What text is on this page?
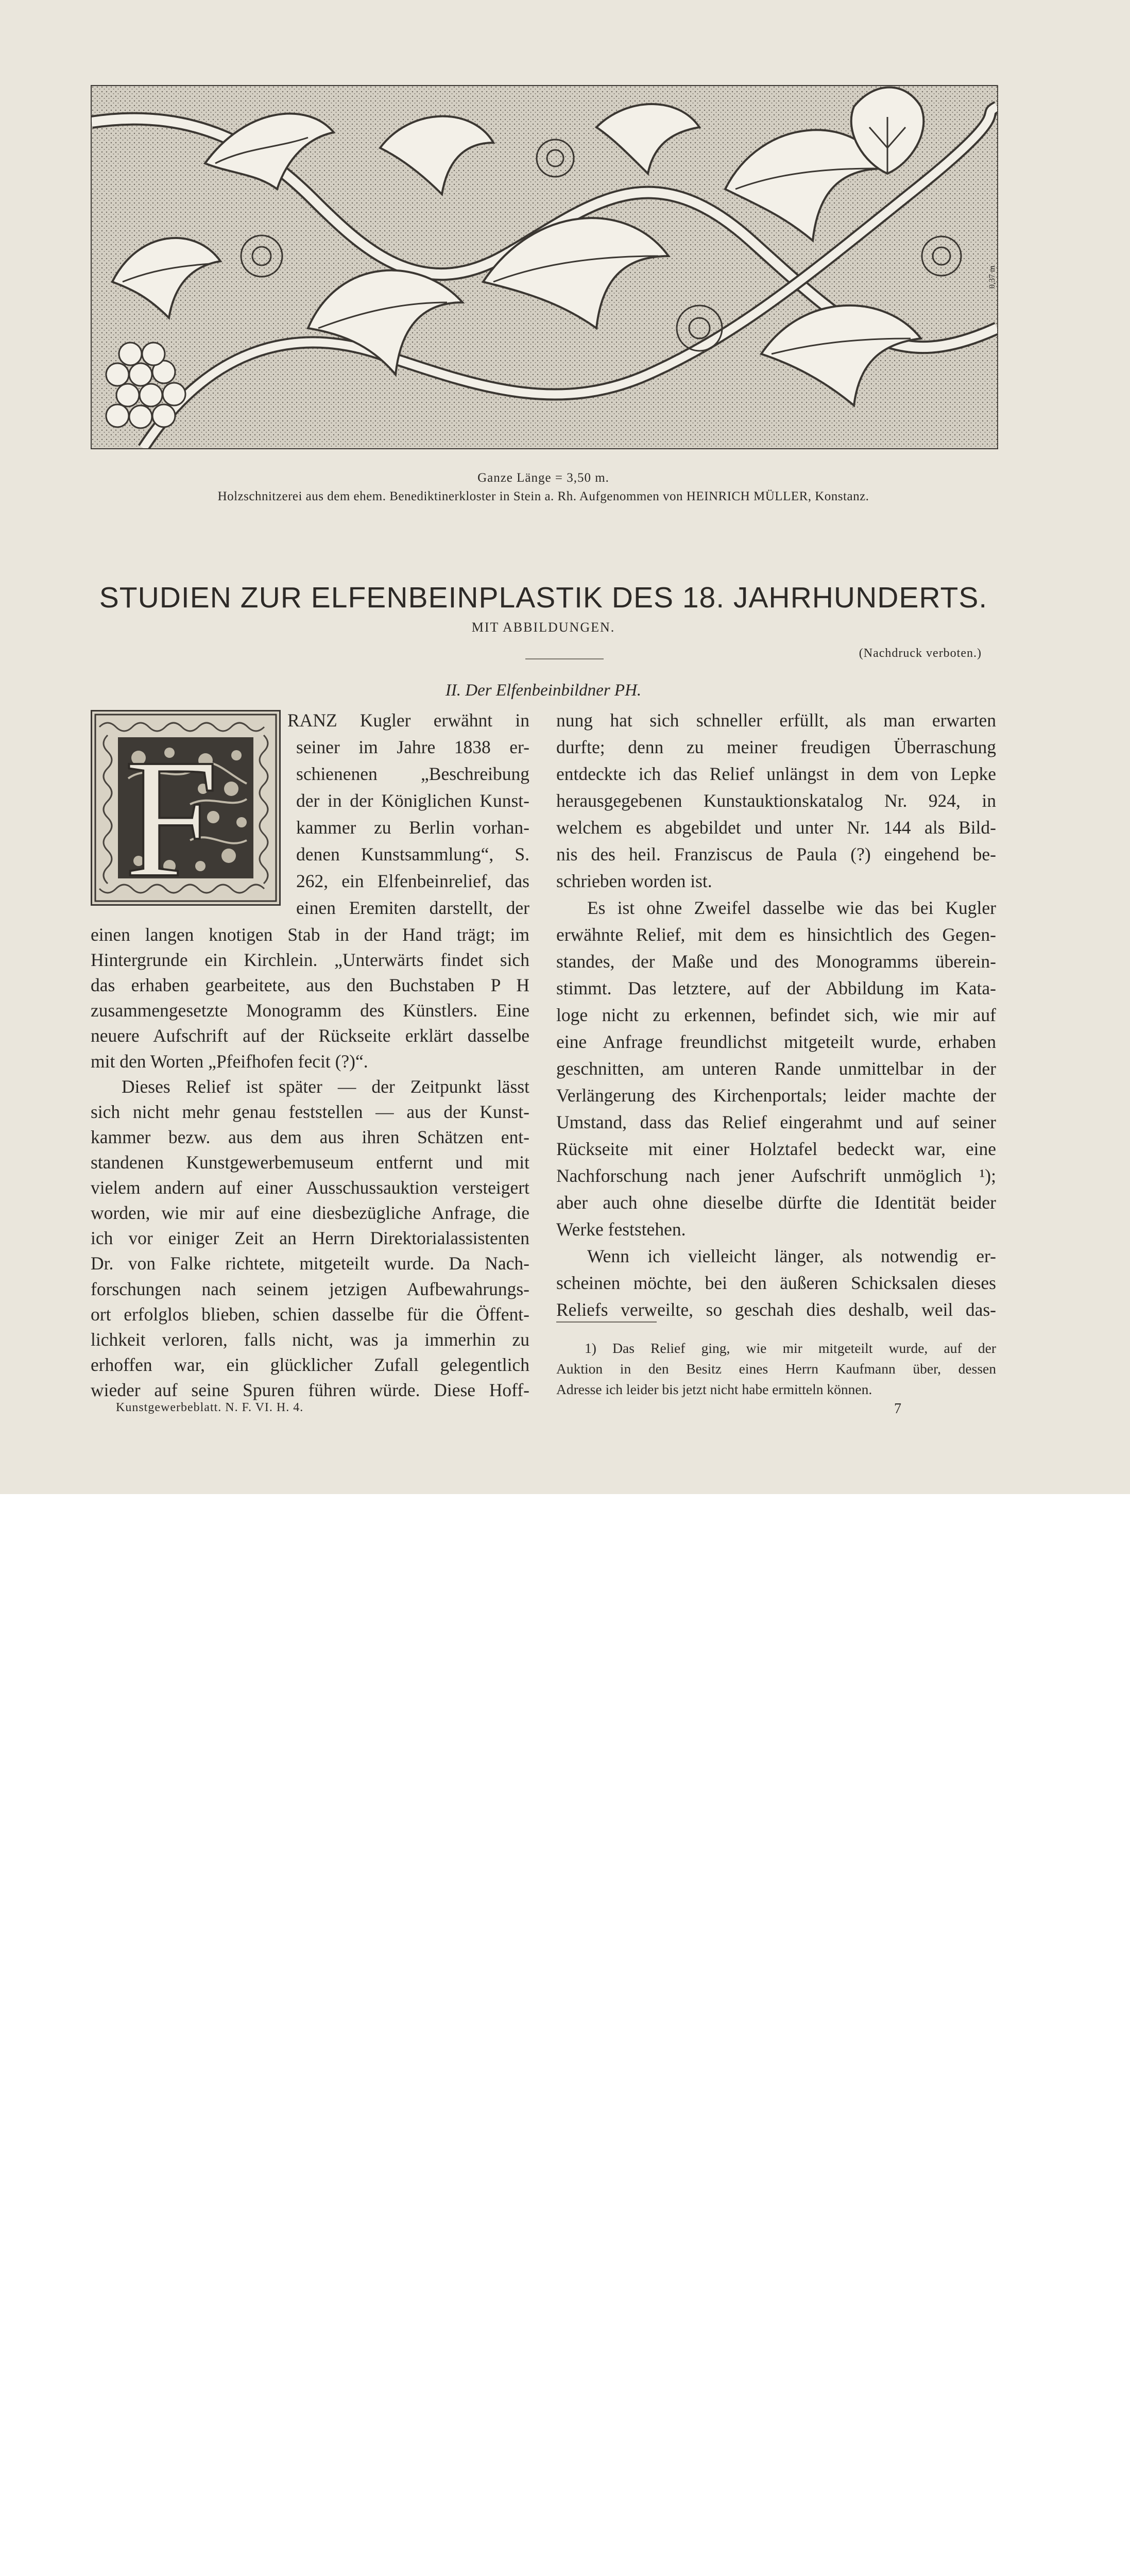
0,37 m
Ganze Länge = 3,50 m.
Holzschnitzerei aus dem ehem. Benediktinerkloster in Stein a. Rh. Aufgenommen von HEINRICH MÜLLER, Konstanz.
STUDIEN ZUR ELFENBEINPLASTIK DES 18. JAHRHUNDERTS.
MIT ABBILDUNGEN.
(Nachdruck verboten.)
II. Der Elfenbeinbildner PH.
F
RANZ Kugler erwähnt in
seiner im Jahre 1838 er-
schienenen „Beschreibung
der in der Königlichen Kunst-
kammer zu Berlin vorhan-
denen Kunstsammlung“, S.
262, ein Elfenbeinrelief, das
einen Eremiten darstellt, der
einen langen knotigen Stab in der Hand trägt; im
Hintergrunde ein Kirchlein. „Unterwärts findet sich
das erhaben gearbeitete, aus den Buchstaben P H
zusammengesetzte Monogramm des Künstlers. Eine
neuere Aufschrift auf der Rückseite erklärt dasselbe
mit den Worten „Pfeifhofen fecit (?)“.
Dieses Relief ist später — der Zeitpunkt lässt
sich nicht mehr genau feststellen — aus der Kunst-
kammer bezw. aus dem aus ihren Schätzen ent-
standenen Kunstgewerbemuseum entfernt und mit
vielem andern auf einer Ausschussauktion versteigert
worden, wie mir auf eine diesbezügliche Anfrage, die
ich vor einiger Zeit an Herrn Direktorialassistenten
Dr. von Falke richtete, mitgeteilt wurde. Da Nach-
forschungen nach seinem jetzigen Aufbewahrungs-
ort erfolglos blieben, schien dasselbe für die Öffent-
lichkeit verloren, falls nicht, was ja immerhin zu
erhoffen war, ein glücklicher Zufall gelegentlich
wieder auf seine Spuren führen würde. Diese Hoff-
nung hat sich schneller erfüllt, als man erwarten
durfte; denn zu meiner freudigen Überraschung
entdeckte ich das Relief unlängst in dem von Lepke
herausgegebenen Kunstauktionskatalog Nr. 924, in
welchem es abgebildet und unter Nr. 144 als Bild-
nis des heil. Franziscus de Paula (?) eingehend be-
schrieben worden ist.
Es ist ohne Zweifel dasselbe wie das bei Kugler
erwähnte Relief, mit dem es hinsichtlich des Gegen-
standes, der Maße und des Monogramms überein-
stimmt. Das letztere, auf der Abbildung im Kata-
loge nicht zu erkennen, befindet sich, wie mir auf
eine Anfrage freundlichst mitgeteilt wurde, erhaben
geschnitten, am unteren Rande unmittelbar in der
Verlängerung des Kirchenportals; leider machte der
Umstand, dass das Relief eingerahmt und auf seiner
Rückseite mit einer Holztafel bedeckt war, eine
Nachforschung nach jener Aufschrift unmöglich ¹);
aber auch ohne dieselbe dürfte die Identität beider
Werke feststehen.
Wenn ich vielleicht länger, als notwendig er-
scheinen möchte, bei den äußeren Schicksalen dieses
Reliefs verweilte, so geschah dies deshalb, weil das-
1) Das Relief ging, wie mir mitgeteilt wurde, auf der
Auktion in den Besitz eines Herrn Kaufmann über, dessen
Adresse ich leider bis jetzt nicht habe ermitteln können.
Kunstgewerbeblatt. N. F. VI. H. 4.	7
